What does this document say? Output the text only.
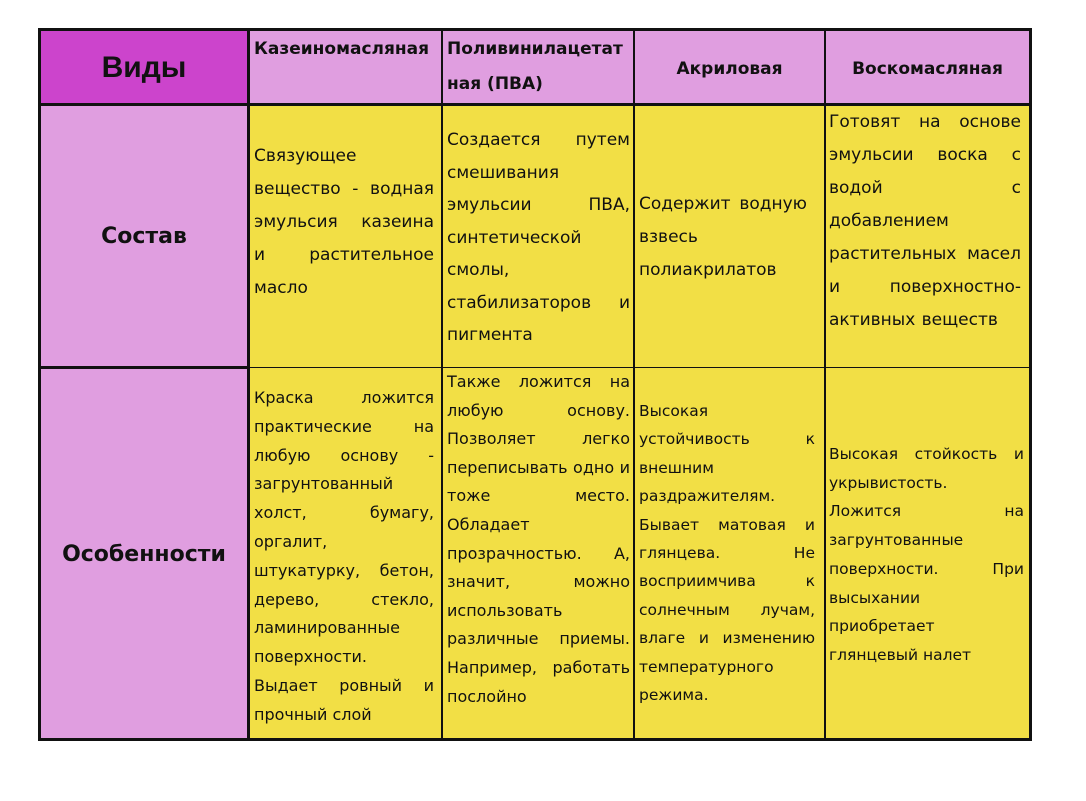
Виды
Состав
Особенности
Казеиномасляная	Поливинилацетатная (ПВА)
Акриловая	Воскомасляная
Связующее вещество - водная эмульсия казеина и растительное масло
Создается путем смешивания эмульсии ПВА, синтетической смолы, стабилизаторов и пигмента
Содержит водную взвесь полиакрилатов
Готовят на основе эмульсии воска с водой с добавлением растительных масел и поверхностно-активных веществ
Краска ложится практические на любую основу - загрунтованный холст, бумагу, оргалит, штукатурку, бетон, дерево, стекло, ламинированные поверхности. Выдает ровный и прочный слой
Также ложится на любую основу. Позволяет легко переписывать одно и тоже место. Обладает прозрачностью. А, значит, можно использовать различные приемы. Например, работать послойно
Высокая устойчивость к внешним раздражителям. Бывает матовая и глянцева. Не восприимчива к солнечным лучам, влаге и изменению температурного режима.
Высокая стойкость и укрывистость. Ложится на загрунтованные поверхности. При высыхании приобретает глянцевый налет
